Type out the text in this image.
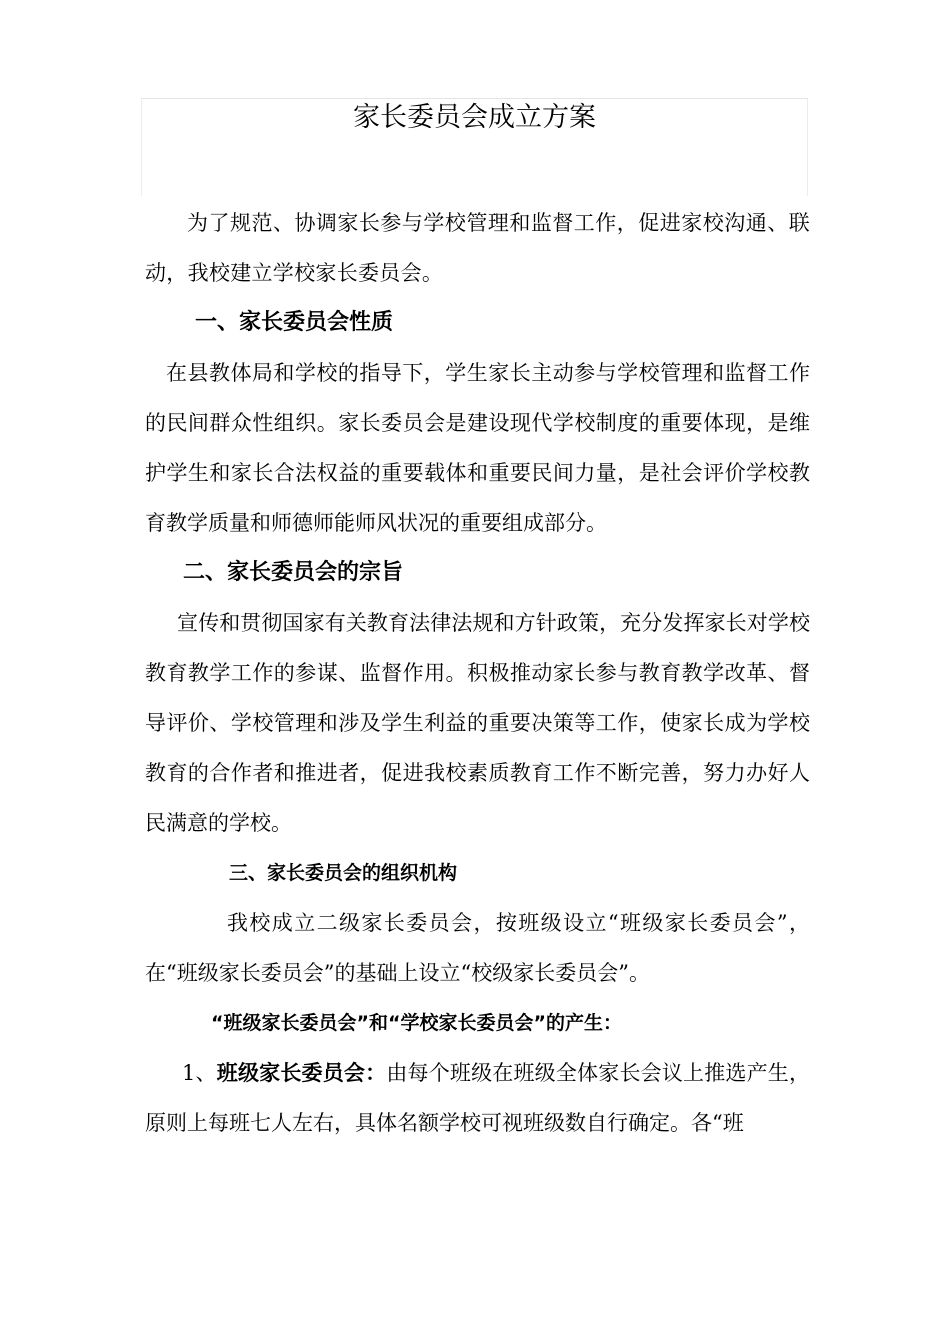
家长委员会成立方案

为了规范、协调家长参与学校管理和监督工作，促进家校沟通、联动，我校建立学校家长委员会。

一、家长委员会性质

在县教体局和学校的指导下，学生家长主动参与学校管理和监督工作的民间群众性组织。家长委员会是建设现代学校制度的重要体现，是维护学生和家长合法权益的重要载体和重要民间力量，是社会评价学校教育教学质量和师德师能师风状况的重要组成部分。

二、家长委员会的宗旨

宣传和贯彻国家有关教育法律法规和方针政策，充分发挥家长对学校教育教学工作的参谋、监督作用。积极推动家长参与教育教学改革、督导评价、学校管理和涉及学生利益的重要决策等工作，使家长成为学校教育的合作者和推进者，促进我校素质教育工作不断完善，努力办好人民满意的学校。

三、家长委员会的组织机构

我校成立二级家长委员会，按班级设立“班级家长委员会”，在“班级家长委员会”的基础上设立“校级家长委员会”。

“班级家长委员会”和“学校家长委员会”的产生：

1、班级家长委员会：由每个班级在班级全体家长会议上推选产生，原则上每班七人左右，具体名额学校可视班级数自行确定。各“班
